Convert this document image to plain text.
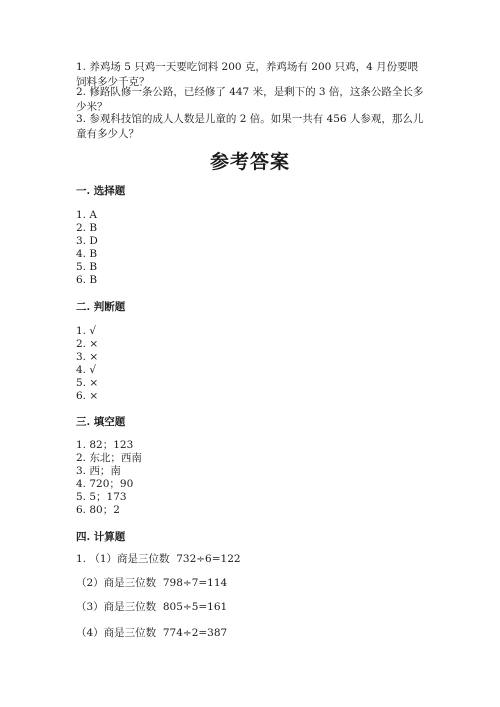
1. 养鸡场 5 只鸡一天要吃饲料 200 克，养鸡场有 200 只鸡，4 月份要喂饲料多少千克？

2. 修路队修一条公路，已经修了 447 米，是剩下的 3 倍，这条公路全长多少米？

3. 参观科技馆的成人人数是儿童的 2 倍。如果一共有 456 人参观，那么儿童有多少人？

参考答案
一. 选择题

1. A

2. B

3. D

4. B

5. B

6. B

二. 判断题

1. √

2. ×

3. ×

4. √

5. ×

6. ×

三. 填空题

1. 82；123

2. 东北；西南

3. 西；南

4. 720；90

5. 5；173

6. 80；2

四. 计算题

1. （1）商是三位数  732÷6=122

（2）商是三位数  798÷7=114

（3）商是三位数  805÷5=161

（4）商是三位数  774÷2=387
